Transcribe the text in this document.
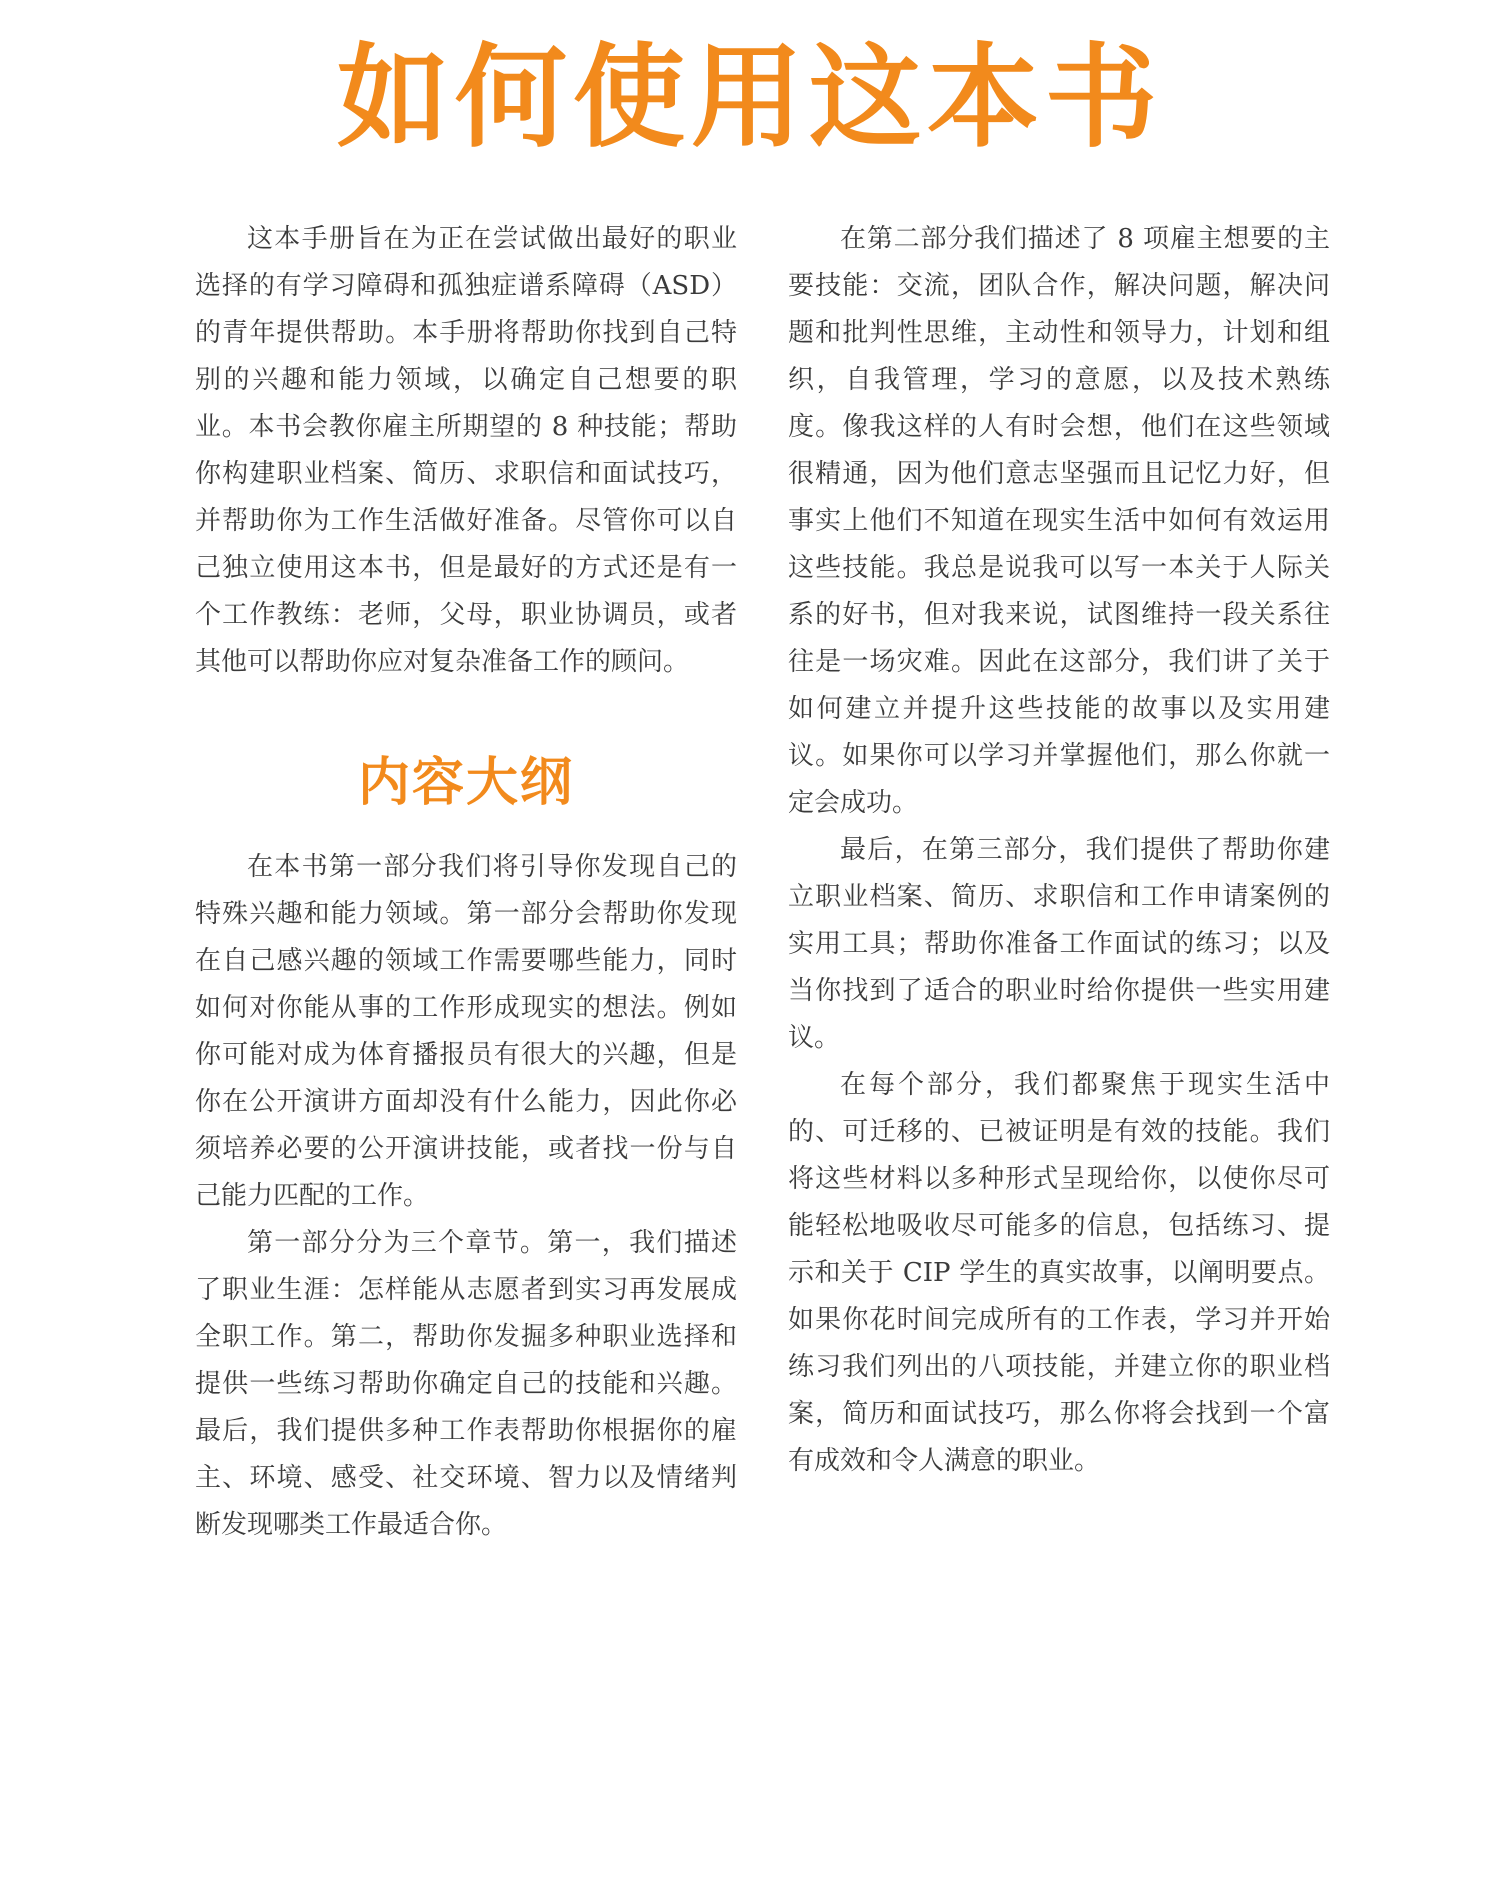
如何使用这本书

这本手册旨在为正在尝试做出最好的职业选择的有学习障碍和孤独症谱系障碍（ASD）的青年提供帮助。本手册将帮助你找到自己特别的兴趣和能力领域，以确定自己想要的职业。本书会教你雇主所期望的 8 种技能；帮助你构建职业档案、简历、求职信和面试技巧，并帮助你为工作生活做好准备。尽管你可以自己独立使用这本书，但是最好的方式还是有一个工作教练：老师，父母，职业协调员，或者其他可以帮助你应对复杂准备工作的顾问。

内容大纲

在本书第一部分我们将引导你发现自己的特殊兴趣和能力领域。第一部分会帮助你发现在自己感兴趣的领域工作需要哪些能力，同时如何对你能从事的工作形成现实的想法。例如你可能对成为体育播报员有很大的兴趣，但是你在公开演讲方面却没有什么能力，因此你必须培养必要的公开演讲技能，或者找一份与自己能力匹配的工作。

第一部分分为三个章节。第一，我们描述了职业生涯：怎样能从志愿者到实习再发展成全职工作。第二，帮助你发掘多种职业选择和提供一些练习帮助你确定自己的技能和兴趣。最后，我们提供多种工作表帮助你根据你的雇主、环境、感受、社交环境、智力以及情绪判断发现哪类工作最适合你。

在第二部分我们描述了 8 项雇主想要的主要技能：交流，团队合作，解决问题，解决问题和批判性思维，主动性和领导力，计划和组织，自我管理，学习的意愿，以及技术熟练度。像我这样的人有时会想，他们在这些领域很精通，因为他们意志坚强而且记忆力好，但事实上他们不知道在现实生活中如何有效运用这些技能。我总是说我可以写一本关于人际关系的好书，但对我来说，试图维持一段关系往往是一场灾难。因此在这部分，我们讲了关于如何建立并提升这些技能的故事以及实用建议。如果你可以学习并掌握他们，那么你就一定会成功。

最后，在第三部分，我们提供了帮助你建立职业档案、简历、求职信和工作申请案例的实用工具；帮助你准备工作面试的练习；以及当你找到了适合的职业时给你提供一些实用建议。

在每个部分，我们都聚焦于现实生活中的、可迁移的、已被证明是有效的技能。我们将这些材料以多种形式呈现给你，以使你尽可能轻松地吸收尽可能多的信息，包括练习、提示和关于 CIP 学生的真实故事，以阐明要点。如果你花时间完成所有的工作表，学习并开始练习我们列出的八项技能，并建立你的职业档案，简历和面试技巧，那么你将会找到一个富有成效和令人满意的职业。
